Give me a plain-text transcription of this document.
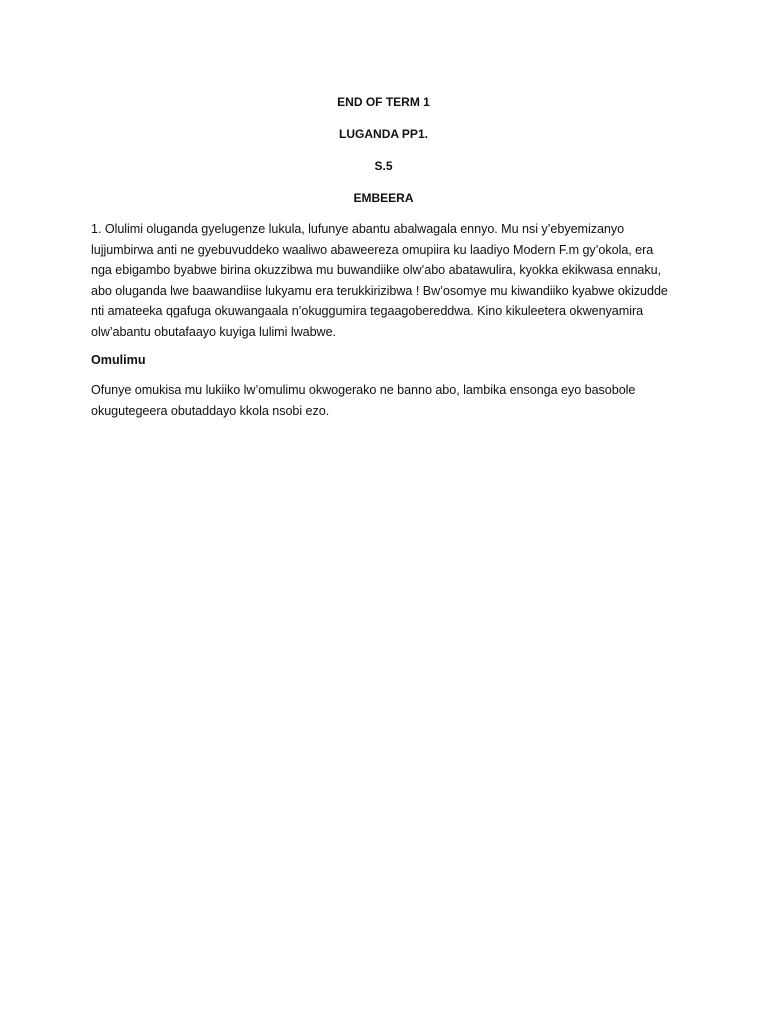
END OF TERM 1
LUGANDA PP1.
S.5
EMBEERA

1. Olulimi oluganda gyelugenze lukula, lufunye abantu abalwagala ennyo. Mu nsi y’ebyemizanyo lujjumbirwa anti ne gyebuvuddeko waaliwo abaweereza omupiira ku laadiyo Modern F.m gy’okola, era nga ebigambo byabwe birina okuzzibwa mu buwandiike olw’abo abatawulira, kyokka ekikwasa ennaku, abo oluganda lwe baawandiise lukyamu era terukkirizibwa ! Bw’osomye mu kiwandiiko kyabwe okizudde nti amateeka qgafuga okuwangaala n’okuggumira tegaagobereddwa. Kino kikuleetera okwenyamira olw’abantu obutafaayo kuyiga lulimi lwabwe.

Omulimu

Ofunye omukisa mu lukiiko lw’omulimu okwogerako ne banno abo, lambika ensonga eyo basobole okugutegeera obutaddayo kkola nsobi ezo.
